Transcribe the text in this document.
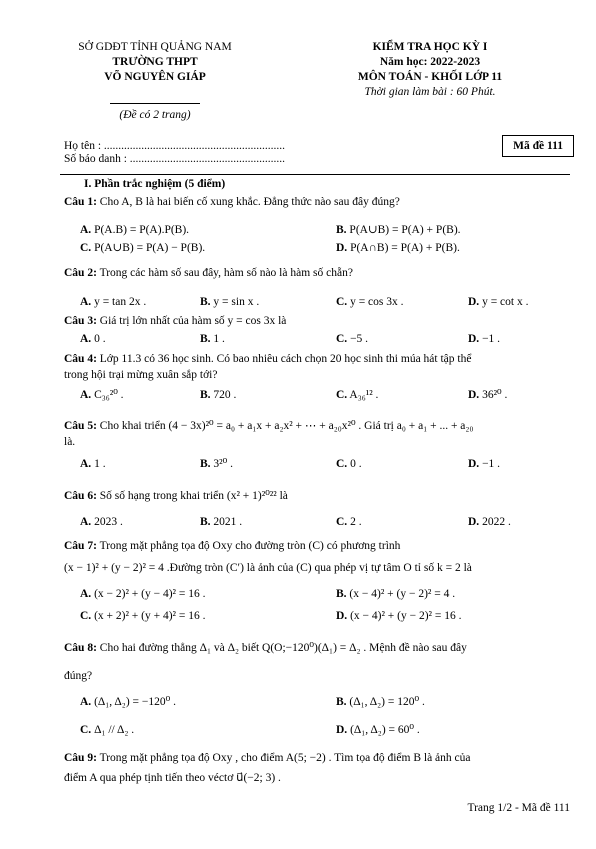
SỞ GDĐT TỈNH QUẢNG NAM
TRƯỜNG THPT
VÕ NGUYÊN GIÁP
(Đề có 2 trang)
KIỂM TRA HỌC KỲ I
Năm học: 2022-2023
MÔN TOÁN - KHỐI LỚP 11
Thời gian làm bài : 60 Phút.
Mã đề 111
Họ tên : ...............................................................
Số báo danh : ......................................................
I. Phần trắc nghiệm (5 điểm)
Câu 1: Cho A, B là hai biến cố xung khắc. Đẳng thức nào sau đây đúng?
A. P(A.B) = P(A).P(B).	B. P(A∪B) = P(A) + P(B).
C. P(A∪B) = P(A) − P(B).	D. P(A∩B) = P(A) + P(B).
Câu 2: Trong các hàm số sau đây, hàm số nào là hàm số chẵn?
A. y = tan 2x .	B. y = sin x .	C. y = cos 3x .	D. y = cot x .
Câu 3: Giá trị lớn nhất của hàm số y = cos 3x là
A. 0 .	B. 1 .	C. −5 .	D. −1 .
Câu 4: Lớp 11.3 có 36 học sinh. Có bao nhiêu cách chọn 20 học sinh thi múa hát tập thể
trong hội trại mừng xuân sắp tới?
A. C₃₆²⁰ .	B. 720 .	C. A₃₆¹² .	D. 36²⁰ .
Câu 5: Cho khai triển (4 − 3x)²⁰ = a₀ + a₁x + a₂x² + ⋯ + a₂₀x²⁰ . Giá trị a₀ + a₁ + ... + a₂₀
là.
A. 1 .	B. 3²⁰ .	C. 0 .	D. −1 .
Câu 6: Số số hạng trong khai triển (x² + 1)²⁰²² là
A. 2023 .	B. 2021 .	C. 2 .	D. 2022 .
Câu 7: Trong mặt phẳng tọa độ Oxy cho đường tròn (C) có phương trình
(x − 1)² + (y − 2)² = 4 .Đường tròn (C′) là ảnh của (C) qua phép vị tự tâm O tỉ số k = 2 là
A. (x − 2)² + (y − 4)² = 16 .	B. (x − 4)² + (y − 2)² = 4 .
C. (x + 2)² + (y + 4)² = 16 .	D. (x − 4)² + (y − 2)² = 16 .
Câu 8: Cho hai đường thẳng Δ₁ và Δ₂ biết Q(O;−120⁰)(Δ₁) = Δ₂ . Mệnh đề nào sau đây
đúng?
A. (Δ₁, Δ₂) = −120⁰ .	B. (Δ₁, Δ₂) = 120⁰ .
C. Δ₁ // Δ₂ .	D. (Δ₁, Δ₂) = 60⁰ .
Câu 9: Trong mặt phẳng tọa độ Oxy , cho điểm A(5; −2) . Tìm tọa độ điểm B là ảnh của
điểm A qua phép tịnh tiến theo véctơ u⃗(−2; 3) .
Trang 1/2 - Mã đề 111
